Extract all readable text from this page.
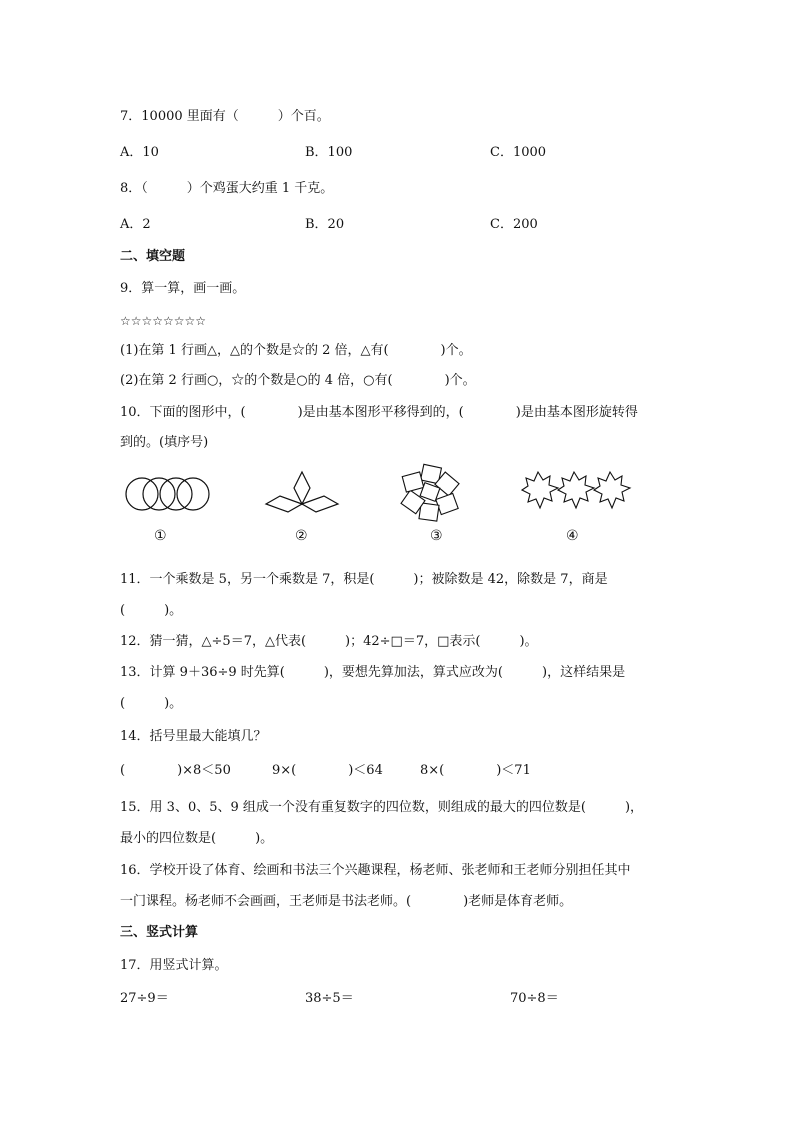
7．10000 里面有（　　　）个百。
A．10	B．100	C．1000
8．（　　　）个鸡蛋大约重 1 千克。
A．2	B．20	C．200
二、填空题
9．算一算，画一画。
☆☆☆☆☆☆☆☆
(1)在第 1 行画△，△的个数是☆的 2 倍，△有(　　　　)个。
(2)在第 2 行画○，☆的个数是○的 4 倍，○有(　　　　)个。
10．下面的图形中，(　　　　)是由基本图形平移得到的，(　　　　)是由基本图形旋转得
到的。(填序号)
①	②	③	④
11．一个乘数是 5，另一个乘数是 7，积是(　　　)；被除数是 42，除数是 7，商是
(　　　)。
12．猜一猜，△÷5＝7，△代表(　　　)；42÷□＝7，□表示(　　　)。
13．计算 9＋36÷9 时先算(　　　)，要想先算加法，算式应改为(　　　)，这样结果是
(　　　)。
14．括号里最大能填几？
(　　　　)×8＜50	9×(　　　　)＜64	8×(　　　　)＜71
15．用 3、0、5、9 组成一个没有重复数字的四位数，则组成的最大的四位数是(　　　)，
最小的四位数是(　　　)。
16．学校开设了体育、绘画和书法三个兴趣课程，杨老师、张老师和王老师分别担任其中
一门课程。杨老师不会画画，王老师是书法老师。(　　　　)老师是体育老师。
三、竖式计算
17．用竖式计算。
27÷9＝	38÷5＝	70÷8＝
